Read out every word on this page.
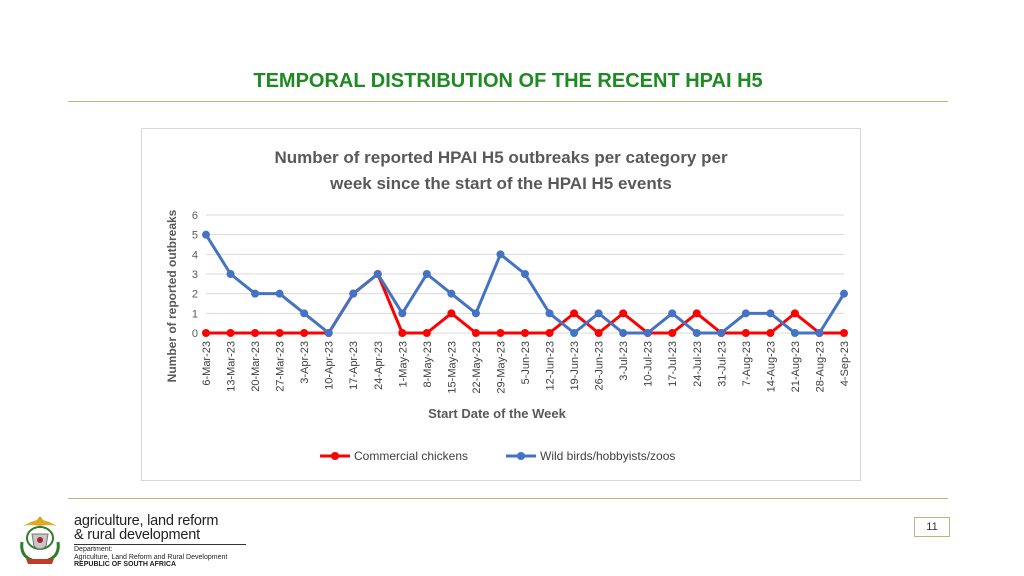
TEMPORAL DISTRIBUTION OF THE RECENT HPAI H5
Number of reported HPAI H5 outbreaks per category per
week since the start of the HPAI H5 events
0
1
2
3
4
5
6
6-Mar-23 13-Mar-23 20-Mar-23 27-Mar-23 3-Apr-23 10-Apr-23 17-Apr-23 24-Apr-23 1-May-23 8-May-23 15-May-23 22-May-23 29-May-23 5-Jun-23 12-Jun-23 19-Jun-23 26-Jun-23 3-Jul-23 10-Jul-23 17-Jul-23 24-Jul-23 31-Jul-23 7-Aug-23 14-Aug-23 21-Aug-23 28-Aug-23 4-Sep-23
Number of reported outbreaks
Start Date of the Week
Commercial chickens	Wild birds/hobbyists/zoos
agriculture, land reform
& rural development
Department:
Agriculture, Land Reform and Rural Development
REPUBLIC OF SOUTH AFRICA
11
